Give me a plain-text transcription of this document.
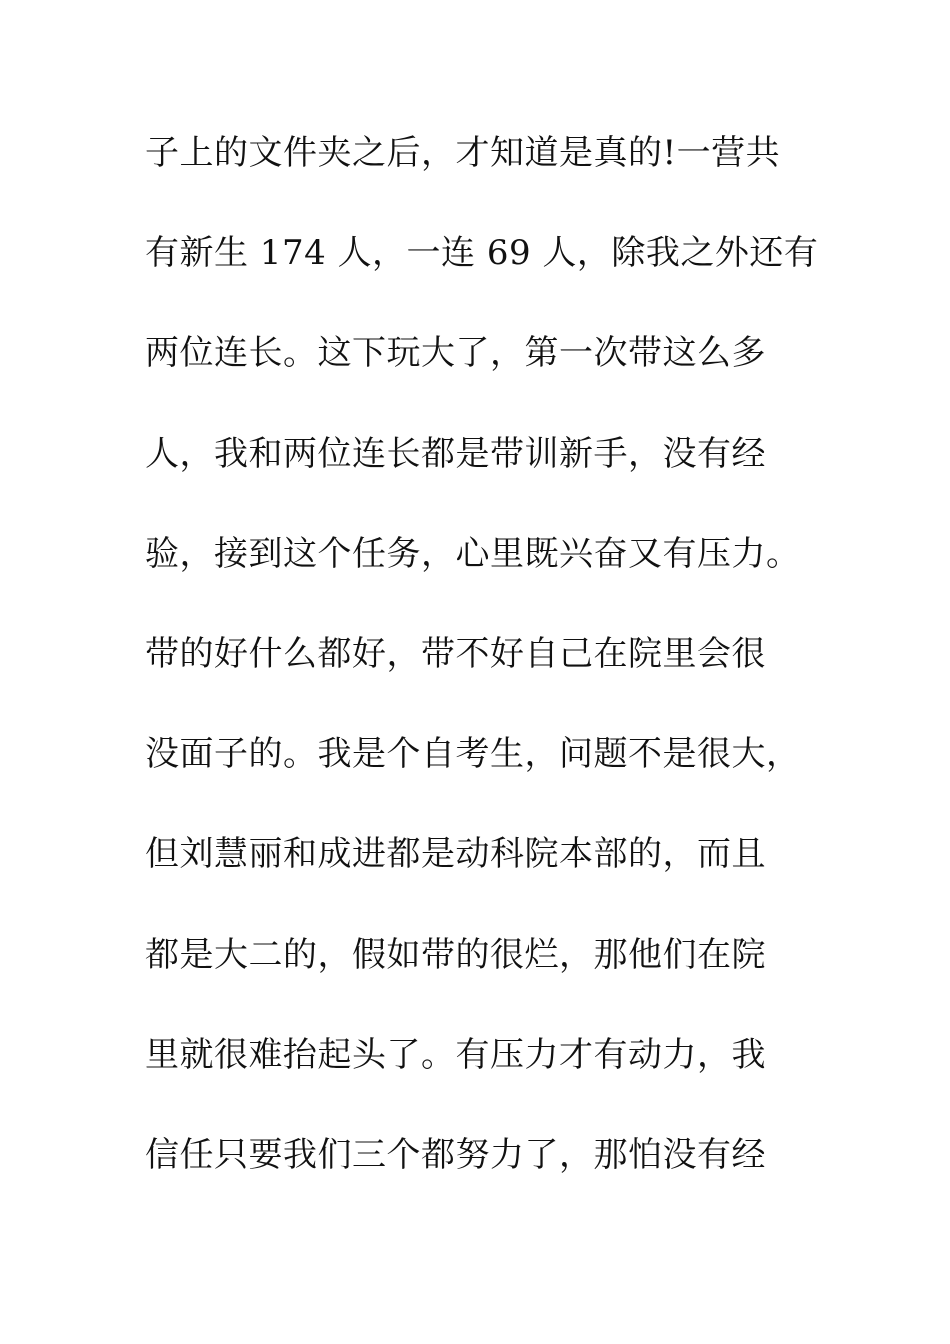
子上的文件夹之后，才知道是真的!一营共
有新生 174 人，一连 69 人，除我之外还有
两位连长。这下玩大了，第一次带这么多
人，我和两位连长都是带训新手，没有经
验，接到这个任务，心里既兴奋又有压力。
带的好什么都好，带不好自己在院里会很
没面子的。我是个自考生，问题不是很大，
但刘慧丽和成进都是动科院本部的，而且
都是大二的，假如带的很烂，那他们在院
里就很难抬起头了。有压力才有动力，我
信任只要我们三个都努力了，那怕没有经
